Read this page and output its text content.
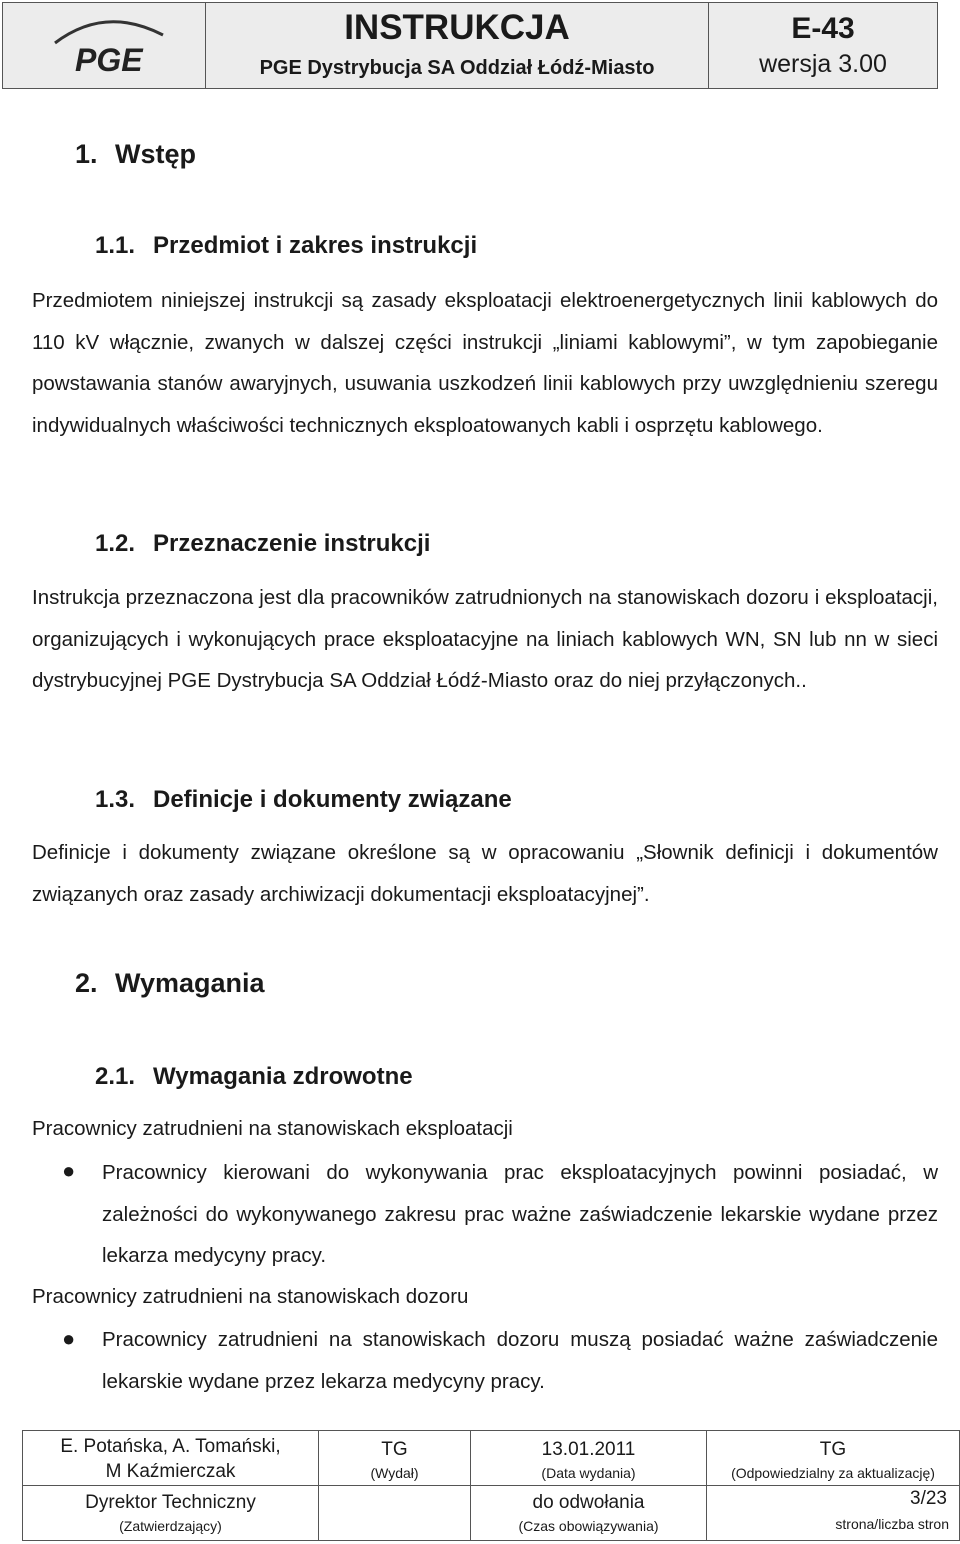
PGE
INSTRUKCJA
PGE Dystrybucja SA Oddział Łódź-Miasto
E-43
wersja 3.00
1. Wstęp
1.1. Przedmiot i zakres instrukcji
Przedmiotem niniejszej instrukcji są zasady eksploatacji elektroenergetycznych linii kablowych do 110 kV włącznie, zwanych w dalszej części instrukcji „liniami kablowymi”, w tym zapobieganie powstawania stanów awaryjnych, usuwania uszkodzeń linii kablowych przy uwzględnieniu szeregu indywidualnych właściwości technicznych eksploatowanych kabli i osprzętu kablowego.
1.2. Przeznaczenie instrukcji
Instrukcja przeznaczona jest dla pracowników zatrudnionych na stanowiskach dozoru i eksploatacji, organizujących i wykonujących prace eksploatacyjne na liniach kablowych WN, SN lub nn w sieci dystrybucyjnej PGE Dystrybucja SA Oddział Łódź-Miasto oraz do niej przyłączonych..
1.3. Definicje i dokumenty związane
Definicje i dokumenty związane określone są w opracowaniu „Słownik definicji i dokumentów związanych oraz zasady archiwizacji dokumentacji eksploatacyjnej”.
2. Wymagania
2.1. Wymagania zdrowotne
Pracownicy zatrudnieni na stanowiskach eksploatacji
● Pracownicy kierowani do wykonywania prac eksploatacyjnych powinni posiadać, w zależności do wykonywanego zakresu prac ważne zaświadczenie lekarskie wydane przez lekarza medycyny pracy.
Pracownicy zatrudnieni na stanowiskach dozoru
● Pracownicy zatrudnieni na stanowiskach dozoru muszą posiadać ważne zaświadczenie lekarskie wydane przez lekarza medycyny pracy.
E. Potańska, A. Tomański,
M Kaźmierczak
TG
(Wydał)
13.01.2011
(Data wydania)
TG
(Odpowiedzialny za aktualizację)
Dyrektor Techniczny
(Zatwierdzający)
do odwołania
(Czas obowiązywania)
3/23
strona/liczba stron
